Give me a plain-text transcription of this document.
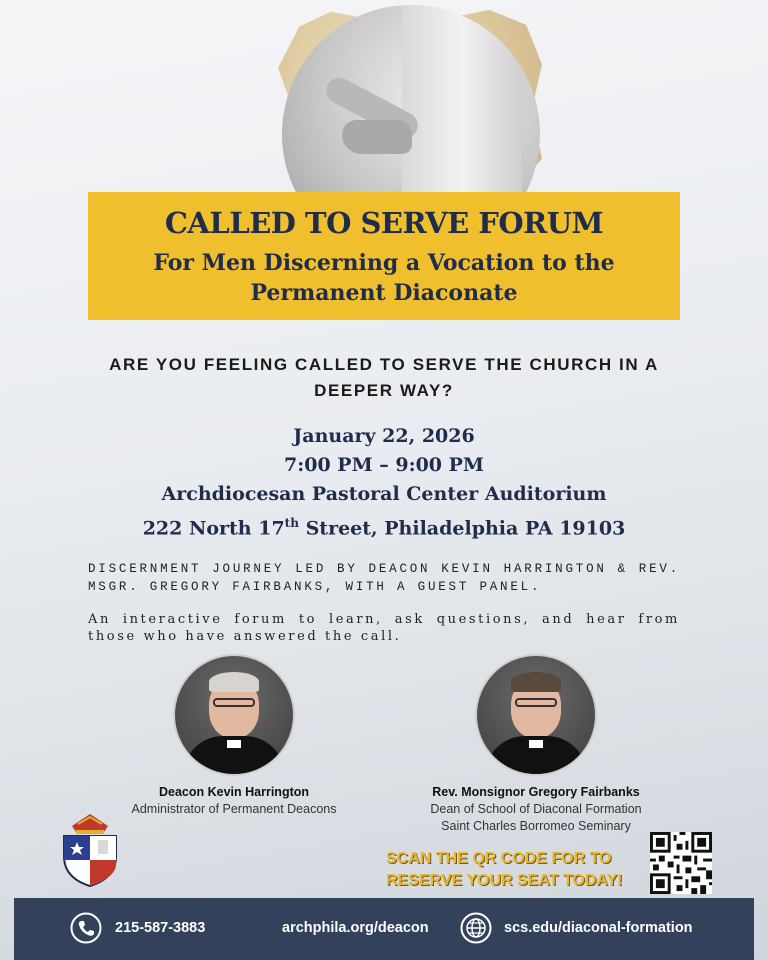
CALLED TO SERVE FORUM
For Men Discerning a Vocation to the Permanent Diaconate
ARE YOU FEELING CALLED TO SERVE THE CHURCH IN A DEEPER WAY?
January 22, 2026
7:00 PM – 9:00 PM
Archdiocesan Pastoral Center Auditorium
222 North 17th Street, Philadelphia PA 19103
DISCERNMENT JOURNEY LED BY DEACON KEVIN HARRINGTON & REV. MSGR. GREGORY FAIRBANKS, WITH A GUEST PANEL.
An interactive forum to learn, ask questions, and hear from those who have answered the call.
Deacon Kevin Harrington
Administrator of Permanent Deacons
Rev. Monsignor Gregory Fairbanks
Dean of School of Diaconal Formation
Saint Charles Borromeo Seminary
SCAN THE QR CODE FOR TO
RESERVE YOUR SEAT TODAY!
215-587-3883	archphila.org/deacon	scs.edu/diaconal-formation
